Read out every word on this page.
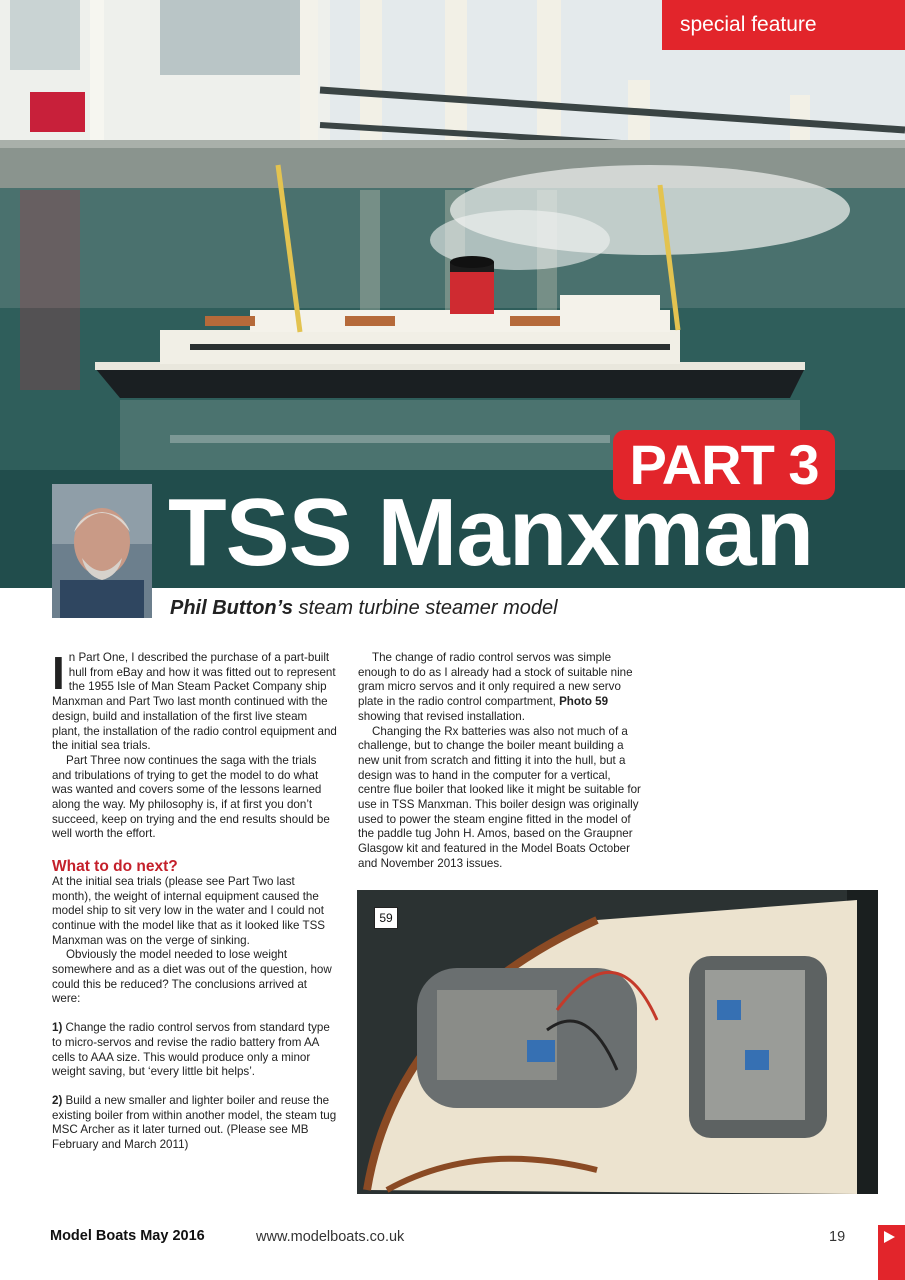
special feature
PART 3
TSS Manxman
Phil Button’s steam turbine steamer model

In Part One, I described the purchase of a part-built hull from eBay and how it was fitted out to represent the 1955 Isle of Man Steam Packet Company ship Manxman and Part Two last month continued with the design, build and installation of the first live steam plant, the installation of the radio control equipment and the initial sea trials.

Part Three now continues the saga with the trials and tribulations of trying to get the model to do what was wanted and covers some of the lessons learned along the way. My philosophy is, if at first you don’t succeed, keep on trying and the end results should be well worth the effort.

What to do next?

At the initial sea trials (please see Part Two last month), the weight of internal equipment caused the model ship to sit very low in the water and I could not continue with the model like that as it looked like TSS Manxman was on the verge of sinking.

Obviously the model needed to lose weight somewhere and as a diet was out of the question, how could this be reduced? The conclusions arrived at were:

1) Change the radio control servos from standard type to micro-servos and revise the radio battery from AA cells to AAA size. This would produce only a minor weight saving, but ‘every little bit helps’.

2) Build a new smaller and lighter boiler and reuse the existing boiler from within another model, the steam tug MSC Archer as it later turned out. (Please see MB February and March 2011)

The change of radio control servos was simple enough to do as I already had a stock of suitable nine gram micro servos and it only required a new servo plate in the radio control compartment, Photo 59 showing that revised installation.

Changing the Rx batteries was also not much of a challenge, but to change the boiler meant building a new unit from scratch and fitting it into the hull, but a design was to hand in the computer for a vertical, centre flue boiler that looked like it might be suitable for use in TSS Manxman. This boiler design was originally used to power the steam engine fitted in the model of the paddle tug John H. Amos, based on the Graupner Glasgow kit and featured in the Model Boats October and November 2013 issues.

59
Model Boats May 2016	www.modelboats.co.uk	19
